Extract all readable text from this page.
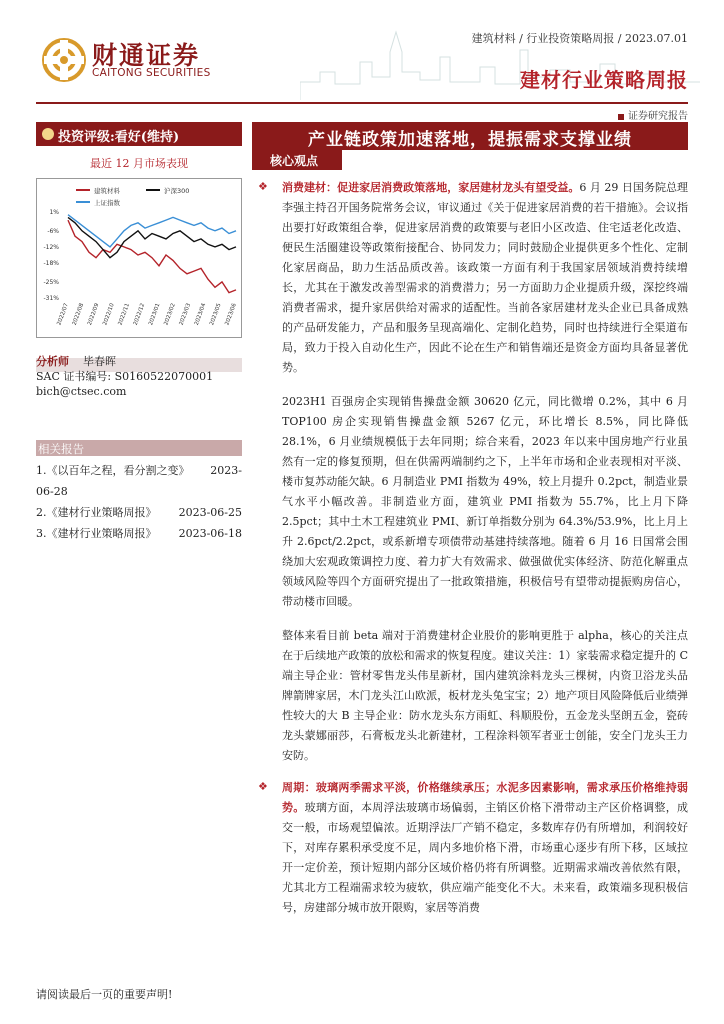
财通证券
CAITONG SECURITIES
建筑材料 / 行业投资策略周报 / 2023.07.01
建材行业策略周报
证券研究报告
投资评级:看好(维持)
最近 12 月市场表现
建筑材料	沪深300
上证指数
1%
-6%
-12%
-18%
-25%
-31%
2022/07 2022/08 2022/09 2022/10 2022/11 2022/12 2023/01 2023/02 2023/03 2023/04 2023/05 2023/06
分析师 毕春晖
SAC 证书编号: S0160522070001
bich@ctsec.com
相关报告
1.《以百年之程，看分割之变》 2023-
06-28
2.《建材行业策略周报》 2023-06-25
3.《建材行业策略周报》 2023-06-18
产业链政策加速落地，提振需求支撑业绩
核心观点
❖ 消费建材：促进家居消费政策落地，家居建材龙头有望受益。6 月 29 日国务院总理李强主持召开国务院常务会议，审议通过《关于促进家居消费的若干措施》。会议指出要打好政策组合拳，促进家居消费的政策要与老旧小区改造、住宅适老化改造、便民生活圈建设等政策衔接配合、协同发力；同时鼓励企业提供更多个性化、定制化家居商品，助力生活品质改善。该政策一方面有利于我国家居领域消费持续增长，尤其在于激发改善型需求的消费潜力；另一方面助力企业提质升级，深挖终端消费者需求，提升家居供给对需求的适配性。当前各家居建材龙头企业已具备成熟的产品研发能力，产品和服务呈现高端化、定制化趋势，同时也持续进行全渠道布局，致力于投入自动化生产，因此不论在生产和销售端还是资金方面均具备显著优势。
2023H1 百强房企实现销售操盘金额 30620 亿元，同比微增 0.2%，其中 6 月 TOP100 房企实现销售操盘金额 5267 亿元，环比增长 8.5%，同比降低 28.1%，6 月业绩规模低于去年同期；综合来看，2023 年以来中国房地产行业虽然有一定的修复预期，但在供需两端制约之下，上半年市场和企业表现相对平淡、楼市复苏动能欠缺。6 月制造业 PMI 指数为 49%，较上月提升 0.2pct，制造业景气水平小幅改善。非制造业方面，建筑业 PMI 指数为 55.7%，比上月下降 2.5pct；其中土木工程建筑业 PMI、新订单指数分别为 64.3%/53.9%，比上月上升 2.6pct/2.2pct，或系新增专项债带动基建持续落地。随着 6 月 16 日国常会围绕加大宏观政策调控力度、着力扩大有效需求、做强做优实体经济、防范化解重点领域风险等四个方面研究提出了一批政策措施，积极信号有望带动提振购房信心，带动楼市回暖。
整体来看目前 beta 端对于消费建材企业股价的影响更胜于 alpha，核心的关注点在于后续地产政策的放松和需求的恢复程度。建议关注：1）家装需求稳定提升的 C 端主导企业：管材零售龙头伟星新材，国内建筑涂料龙头三棵树，内资卫浴龙头品牌箭牌家居，木门龙头江山欧派，板材龙头兔宝宝；2）地产项目风险降低后业绩弹性较大的大 B 主导企业：防水龙头东方雨虹、科顺股份，五金龙头坚朗五金，瓷砖龙头蒙娜丽莎，石膏板龙头北新建材，工程涂料领军者亚士创能，安全门龙头王力安防。
❖ 周期：玻璃两季需求平淡，价格继续承压；水泥多因素影响，需求承压价格维持弱势。玻璃方面，本周浮法玻璃市场偏弱，主销区价格下滑带动主产区价格调整，成交一般，市场观望偏浓。近期浮法厂产销不稳定，多数库存仍有所增加，利润较好下，对库存累积承受度不足，周内多地价格下滑，市场重心逐步有所下移，区域拉开一定价差，预计短期内部分区域价格仍将有所调整。近期需求端改善依然有限，尤其北方工程端需求较为疲软，供应端产能变化不大。未来看，政策端多现积极信号，房建部分城市放开限购，家居等消费
请阅读最后一页的重要声明!
